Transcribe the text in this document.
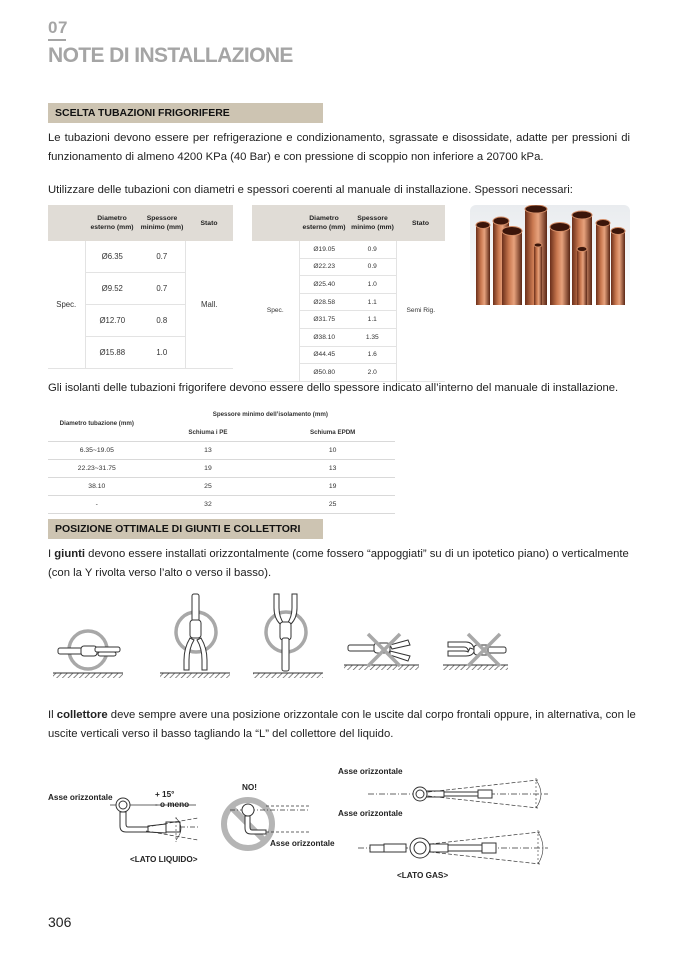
07
NOTE DI INSTALLAZIONE
SCELTA TUBAZIONI FRIGORIFERE
Le tubazioni devono essere per refrigerazione e condizionamento, sgrassate e disossidate, adatte per pressioni di funzionamento di almeno 4200 KPa (40 Bar) e con pressione di scoppio non inferiore a 20700 kPa.
Utilizzare delle tubazioni con diametri e spessori coerenti al manuale di installazione. Spessori necessari:
	Diametro esterno (mm)	Spessore minimo (mm)	Stato
Spec.	Ø6.35	0.7	Mall.
	Ø9.52	0.7	
	Ø12.70	0.8	
	Ø15.88	1.0	
	Diametro esterno (mm)	Spessore minimo (mm)	Stato
Spec.	Ø19.05	0.9	Semi Rig.
	Ø22.23	0.9	
	Ø25.40	1.0	
	Ø28.58	1.1	
	Ø31.75	1.1	
	Ø38.10	1.35	
	Ø44.45	1.6	
	Ø50.80	2.0	
Gli isolanti delle tubazioni frigorifere devono essere dello spessore indicato all’interno del manuale di installazione.
Diametro tubazione (mm)	Spessore minimo dell’isolamento (mm)	
	Schiuma i PE	Schiuma EPDM
6.35~19.05	13	10
22.23~31.75	19	13
38.10	25	19
-	32	25
POSIZIONE OTTIMALE DI GIUNTI E COLLETTORI
I giunti devono essere installati orizzontalmente (come fossero “appoggiati” su di un ipotetico piano) o verticalmente (con la Y rivolta verso l’alto o verso il basso).
Il collettore deve sempre avere una posizione orizzontale con le uscite dal corpo frontali oppure, in alternativa, con le uscite verticali verso il basso tagliando la “L” del collettore del liquido.
Asse orizzontale	+ 15°
- o meno
<LATO LIQUIDO>
NO!
Asse orizzontale
Asse orizzontale
Asse orizzontale
<LATO GAS>
306
